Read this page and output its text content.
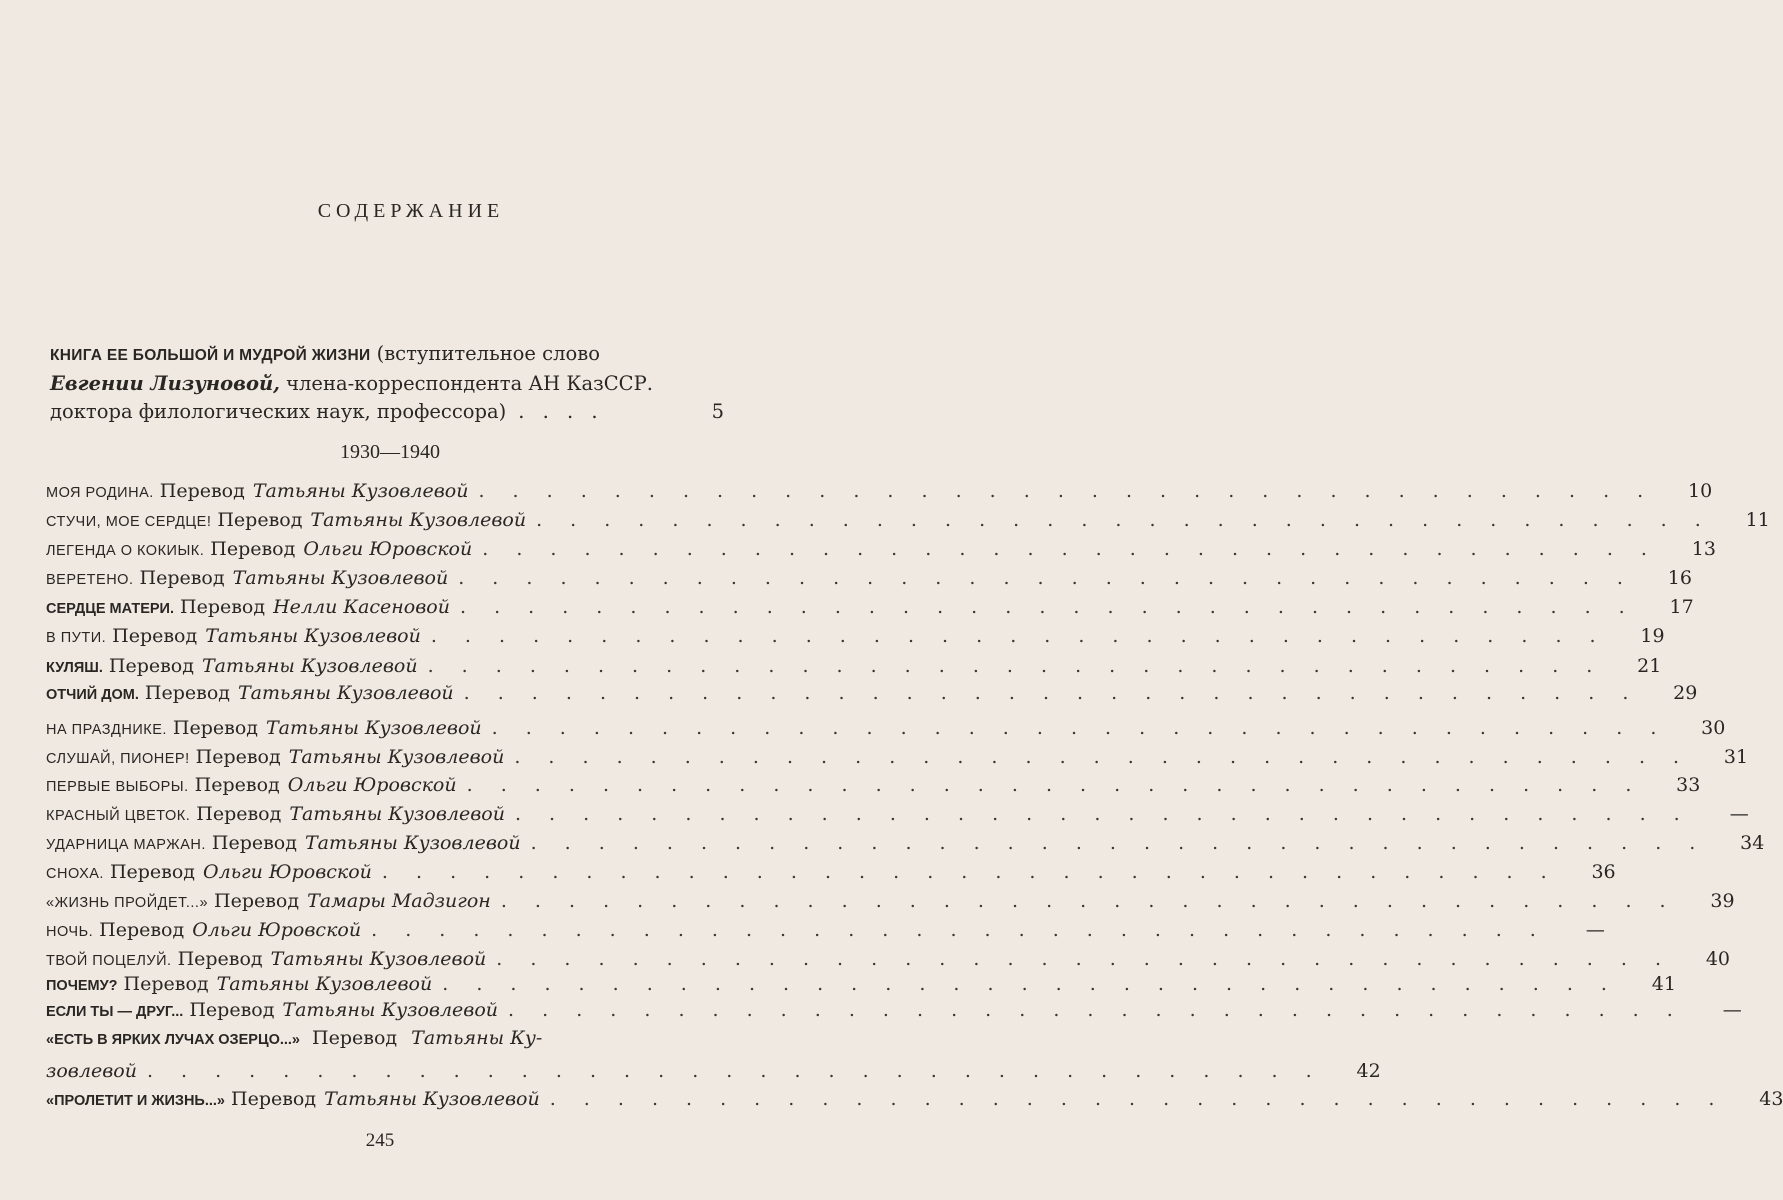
СОДЕРЖАНИЕ
КНИГА ЕЕ БОЛЬШОЙ И МУДРОЙ ЖИЗНИ (вступительное слово
Евгении Лизуновой, члена-корреспондента АН КазССР.
доктора филологических наук, профессора) . . . .	5
1930—1940
МОЯ РОДИНА. Перевод Татьяны Кузовлевой . . . . . . . . . . . . . . . . . . . . . . . . . . . . . . . . . . .	10
СТУЧИ, МОЕ СЕРДЦЕ! Перевод Татьяны Кузовлевой . . . . . . . . . . . . . . . . . . . . . . . . . . . . . . . . . . .	11
ЛЕГЕНДА О КОКИЫК. Перевод Ольги Юровской . . . . . . . . . . . . . . . . . . . . . . . . . . . . . . . . . . .	13
ВЕРЕТЕНО. Перевод Татьяны Кузовлевой . . . . . . . . . . . . . . . . . . . . . . . . . . . . . . . . . . .	16
СЕРДЦЕ МАТЕРИ. Перевод Нелли Касеновой . . . . . . . . . . . . . . . . . . . . . . . . . . . . . . . . . . .	17
В ПУТИ. Перевод Татьяны Кузовлевой . . . . . . . . . . . . . . . . . . . . . . . . . . . . . . . . . . .	19
КУЛЯШ. Перевод Татьяны Кузовлевой . . . . . . . . . . . . . . . . . . . . . . . . . . . . . . . . . . .	21
ОТЧИЙ ДОМ. Перевод Татьяны Кузовлевой . . . . . . . . . . . . . . . . . . . . . . . . . . . . . . . . . . .	29
НА ПРАЗДНИКЕ. Перевод Татьяны Кузовлевой . . . . . . . . . . . . . . . . . . . . . . . . . . . . . . . . . . .	30
СЛУШАЙ, ПИОНЕР! Перевод Татьяны Кузовлевой . . . . . . . . . . . . . . . . . . . . . . . . . . . . . . . . . . .	31
ПЕРВЫЕ ВЫБОРЫ. Перевод Ольги Юровской . . . . . . . . . . . . . . . . . . . . . . . . . . . . . . . . . . .	33
КРАСНЫЙ ЦВЕТОК. Перевод Татьяны Кузовлевой . . . . . . . . . . . . . . . . . . . . . . . . . . . . . . . . . . .	—
УДАРНИЦА МАРЖАН. Перевод Татьяны Кузовлевой . . . . . . . . . . . . . . . . . . . . . . . . . . . . . . . . . . .	34
СНОХА. Перевод Ольги Юровской . . . . . . . . . . . . . . . . . . . . . . . . . . . . . . . . . . .	36
«ЖИЗНЬ ПРОЙДЕТ...» Перевод Тамары Мадзигон . . . . . . . . . . . . . . . . . . . . . . . . . . . . . . . . . . .	39
НОЧЬ. Перевод Ольги Юровской . . . . . . . . . . . . . . . . . . . . . . . . . . . . . . . . . . .	—
ТВОЙ ПОЦЕЛУЙ. Перевод Татьяны Кузовлевой . . . . . . . . . . . . . . . . . . . . . . . . . . . . . . . . . . .	40
ПОЧЕМУ? Перевод Татьяны Кузовлевой . . . . . . . . . . . . . . . . . . . . . . . . . . . . . . . . . . .	41
ЕСЛИ ТЫ — ДРУГ... Перевод Татьяны Кузовлевой . . . . . . . . . . . . . . . . . . . . . . . . . . . . . . . . . . .	—
«ЕСТЬ В ЯРКИХ ЛУЧАХ ОЗЕРЦО...» Перевод Татьяны Ку-
зовлевой . . . . . . . . . . . . . . . . . . . . . . . . . . . . . . . . . . .	42
«ПРОЛЕТИТ И ЖИЗНЬ...» Перевод Татьяны Кузовлевой . . . . . . . . . . . . . . . . . . . . . . . . . . . . . . . . . . .	43
245
